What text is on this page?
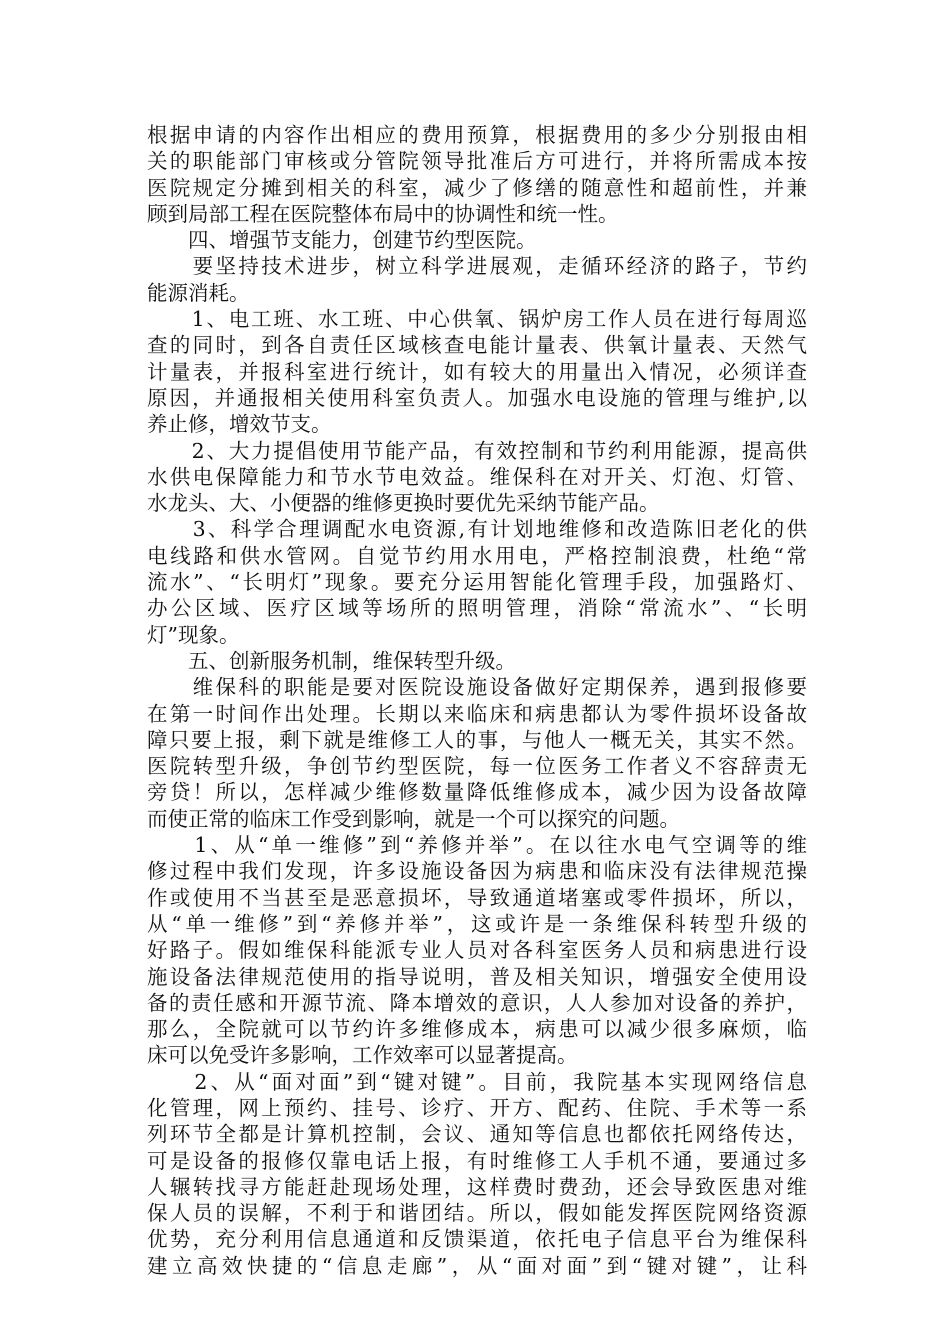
根据申请的内容作出相应的费用预算，根据费用的多少分别报由相
关的职能部门审核或分管院领导批准后方可进行，并将所需成本按
医院规定分摊到相关的科室，减少了修缮的随意性和超前性，并兼
顾到局部工程在医院整体布局中的协调性和统一性。
　　四、增强节支能力，创建节约型医院。
　　要坚持技术进步，树立科学进展观，走循环经济的路子，节约
能源消耗。
　　1、电工班、水工班、中心供氧、锅炉房工作人员在进行每周巡
查的同时，到各自责任区域核查电能计量表、供氧计量表、天然气
计量表，并报科室进行统计，如有较大的用量出入情况，必须详查
原因，并通报相关使用科室负责人。加强水电设施的管理与维护,以
养止修，增效节支。
　　2、大力提倡使用节能产品，有效控制和节约利用能源，提高供
水供电保障能力和节水节电效益。维保科在对开关、灯泡、灯管、
水龙头、大、小便器的维修更换时要优先采纳节能产品。
　　3、科学合理调配水电资源,有计划地维修和改造陈旧老化的供
电线路和供水管网。自觉节约用水用电，严格控制浪费，杜绝“常
流水”、“长明灯”现象。要充分运用智能化管理手段，加强路灯、
办公区域、医疗区域等场所的照明管理，消除“常流水”、“长明
灯”现象。
　　五、创新服务机制，维保转型升级。
　　维保科的职能是要对医院设施设备做好定期保养，遇到报修要
在第一时间作出处理。长期以来临床和病患都认为零件损坏设备故
障只要上报，剩下就是维修工人的事，与他人一概无关，其实不然。
医院转型升级，争创节约型医院，每一位医务工作者义不容辞责无
旁贷！所以，怎样减少维修数量降低维修成本，减少因为设备故障
而使正常的临床工作受到影响，就是一个可以探究的问题。
　　1、从“单一维修”到“养修并举”。在以往水电气空调等的维
修过程中我们发现，许多设施设备因为病患和临床没有法律规范操
作或使用不当甚至是恶意损坏，导致通道堵塞或零件损坏，所以，
从“单一维修”到“养修并举”，这或许是一条维保科转型升级的
好路子。假如维保科能派专业人员对各科室医务人员和病患进行设
施设备法律规范使用的指导说明，普及相关知识，增强安全使用设
备的责任感和开源节流、降本增效的意识，人人参加对设备的养护，
那么，全院就可以节约许多维修成本，病患可以减少很多麻烦，临
床可以免受许多影响，工作效率可以显著提高。
　　2、从“面对面”到“键对键”。目前，我院基本实现网络信息
化管理，网上预约、挂号、诊疗、开方、配药、住院、手术等一系
列环节全都是计算机控制，会议、通知等信息也都依托网络传达，
可是设备的报修仅靠电话上报，有时维修工人手机不通，要通过多
人辗转找寻方能赶赴现场处理，这样费时费劲，还会导致医患对维
保人员的误解，不利于和谐团结。所以，假如能发挥医院网络资源
优势，充分利用信息通道和反馈渠道，依托电子信息平台为维保科
建立高效快捷的“信息走廊”，从“面对面”到“键对键”，让科
